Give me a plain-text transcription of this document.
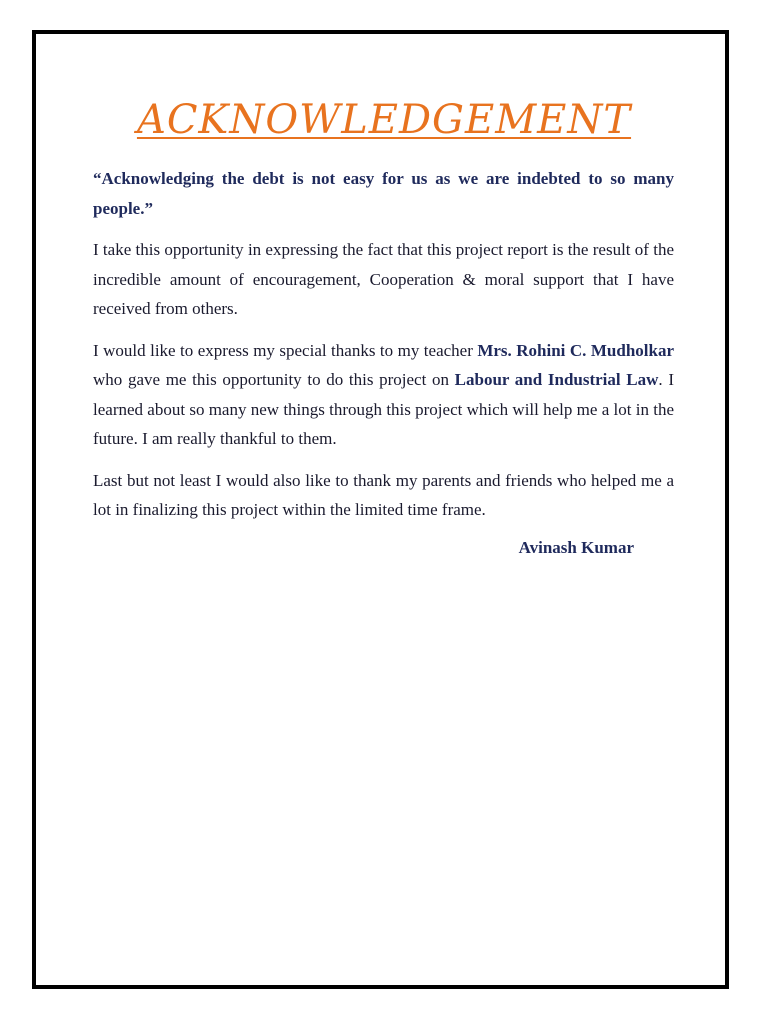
ACKNOWLEDGEMENT

“Acknowledging the debt is not easy for us as we are indebted to so many people.”

I take this opportunity in expressing the fact that this project report is the result of the incredible amount of encouragement, Cooperation & moral support that I have received from others.

I would like to express my special thanks to my teacher Mrs. Rohini C. Mudholkar who gave me this opportunity to do this project on Labour and Industrial Law. I learned about so many new things through this project which will help me a lot in the future. I am really thankful to them.

Last but not least I would also like to thank my parents and friends who helped me a lot in finalizing this project within the limited time frame.

Avinash Kumar
